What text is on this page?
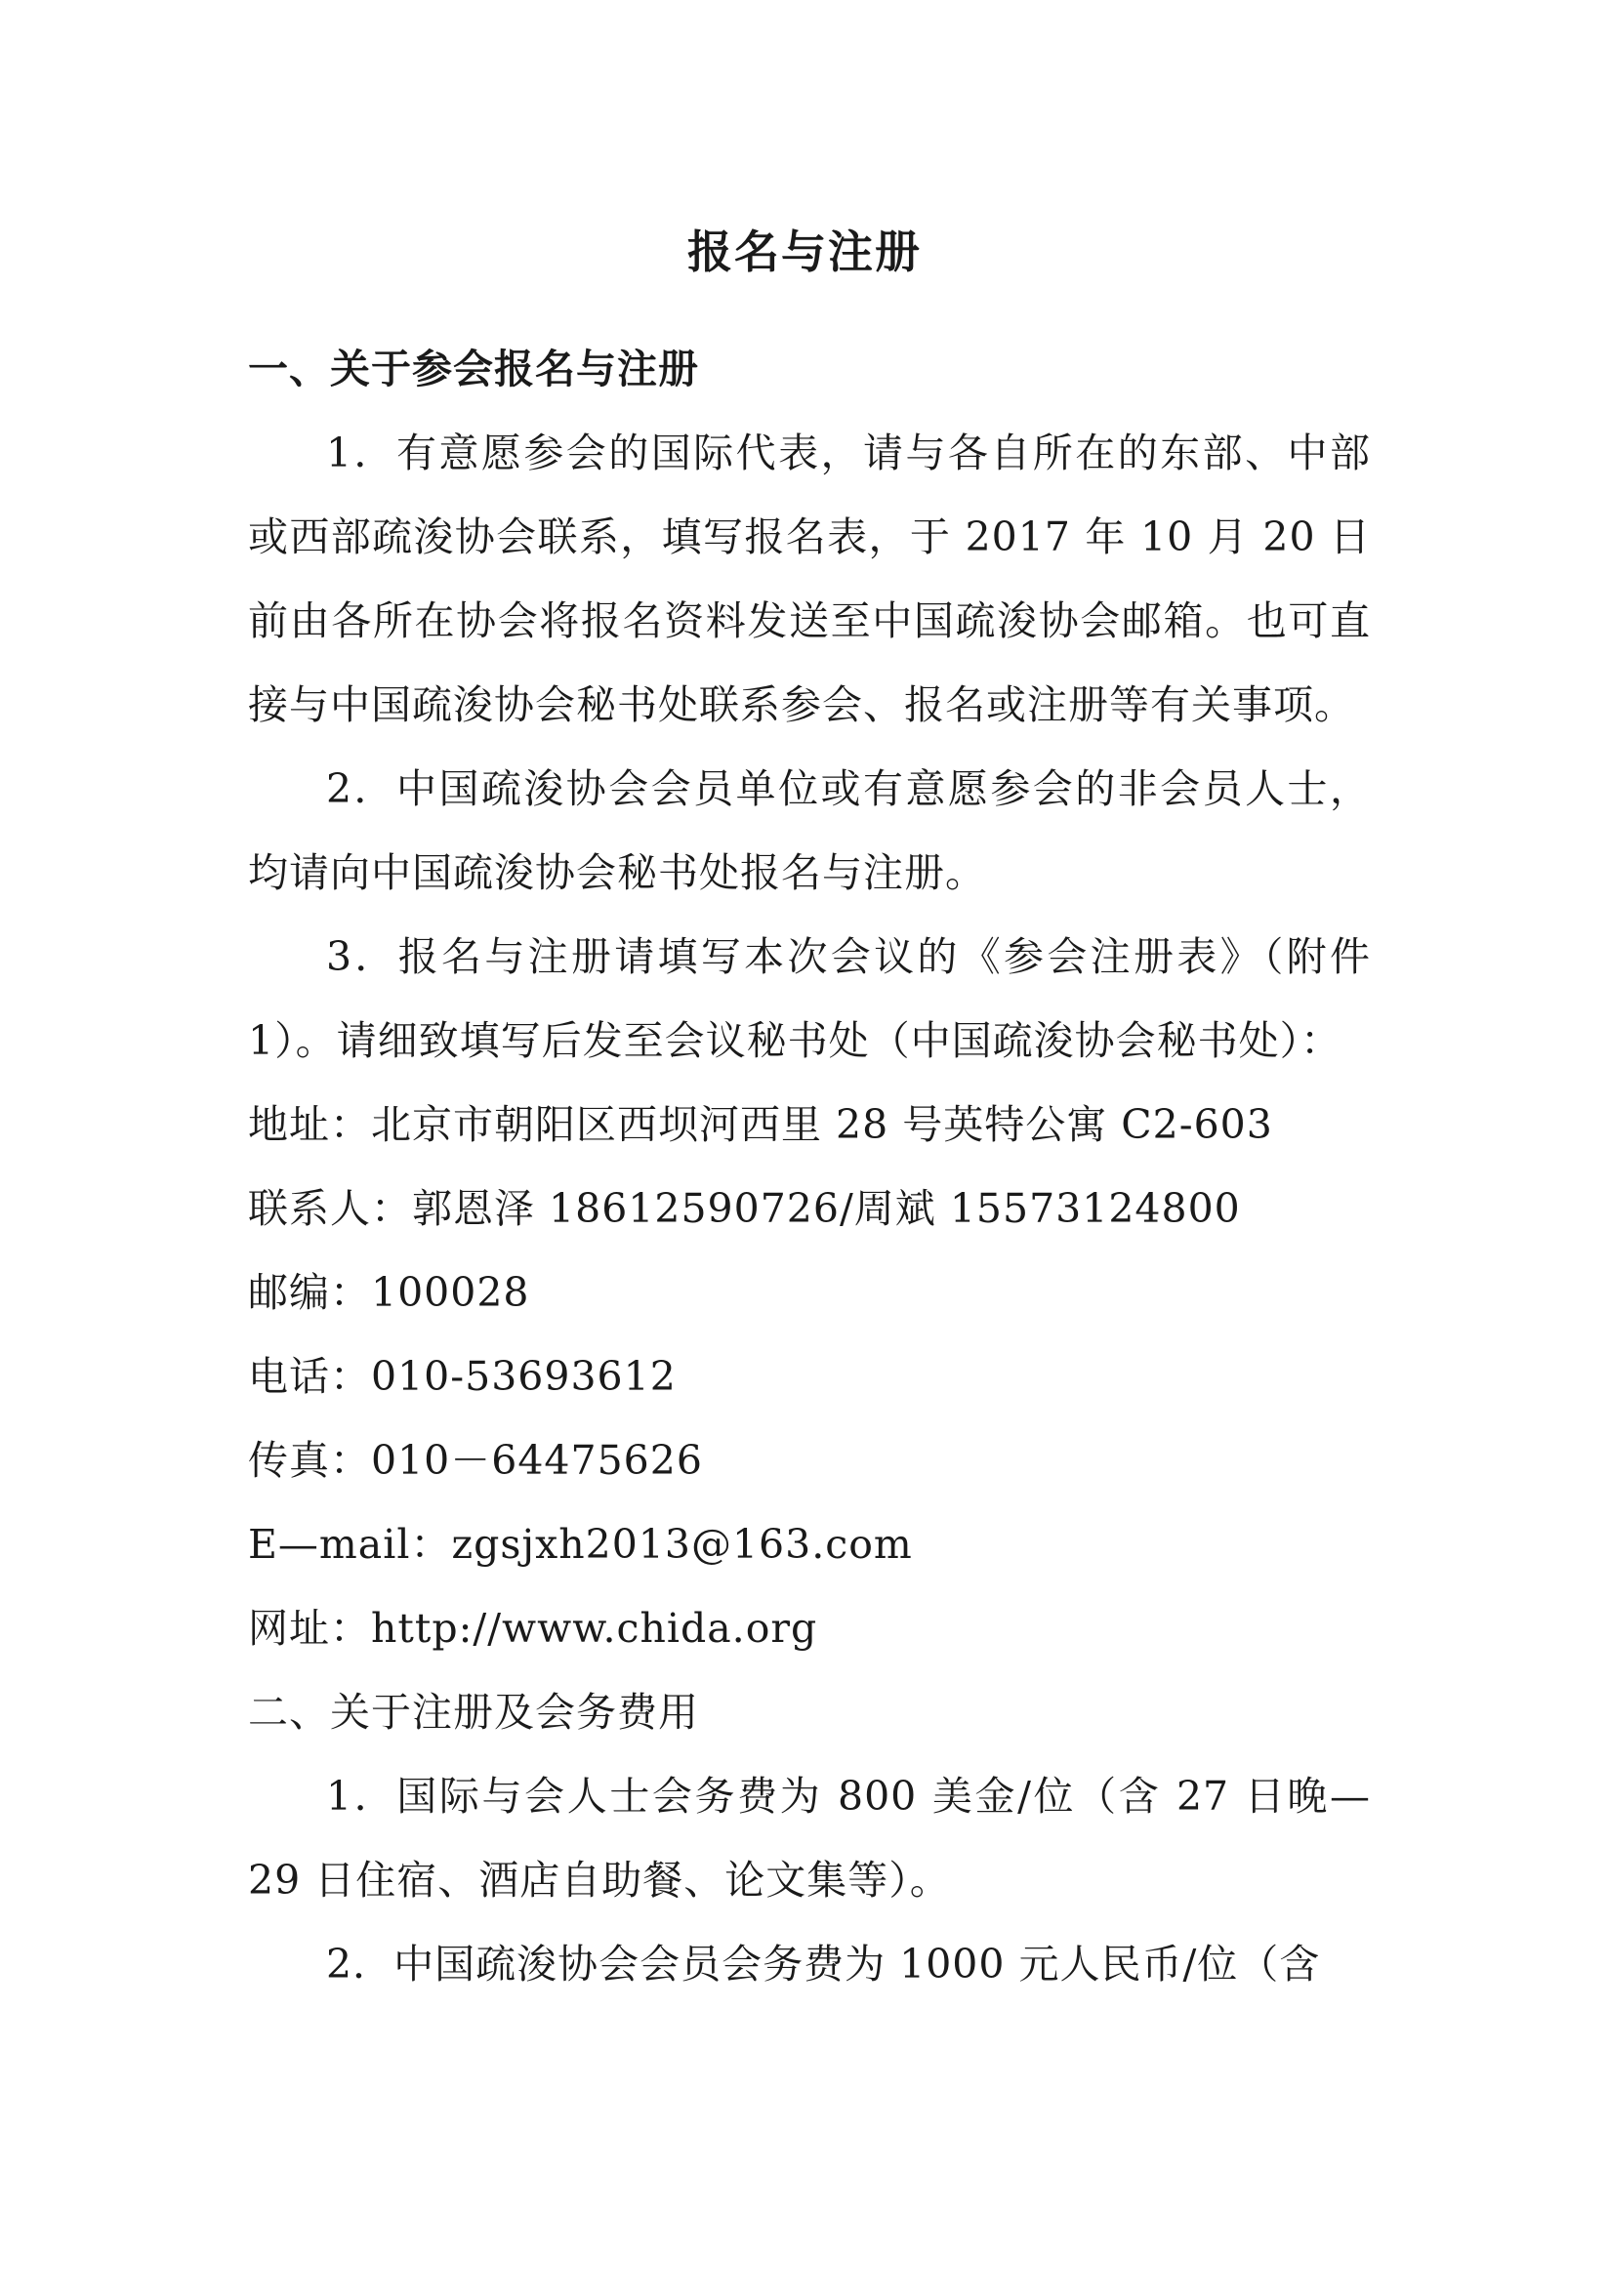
报名与注册

一、关于参会报名与注册

1．有意愿参会的国际代表，请与各自所在的东部、中部或西部疏浚协会联系，填写报名表，于 2017 年 10 月 20 日前由各所在协会将报名资料发送至中国疏浚协会邮箱。也可直接与中国疏浚协会秘书处联系参会、报名或注册等有关事项。

2．中国疏浚协会会员单位或有意愿参会的非会员人士，均请向中国疏浚协会秘书处报名与注册。

3．报名与注册请填写本次会议的《参会注册表》（附件1）。请细致填写后发至会议秘书处（中国疏浚协会秘书处）：

地址：北京市朝阳区西坝河西里 28 号英特公寓 C2-603

联系人：郭恩泽 18612590726/周斌 15573124800

邮编：100028

电话：010-53693612

传真：010－64475626

E—mail：zgsjxh2013@163.com

网址：http://www.chida.org

二、关于注册及会务费用

1．国际与会人士会务费为 800 美金/位（含 27 日晚—29 日住宿、酒店自助餐、论文集等）。

2．中国疏浚协会会员会务费为 1000 元人民币/位（含
